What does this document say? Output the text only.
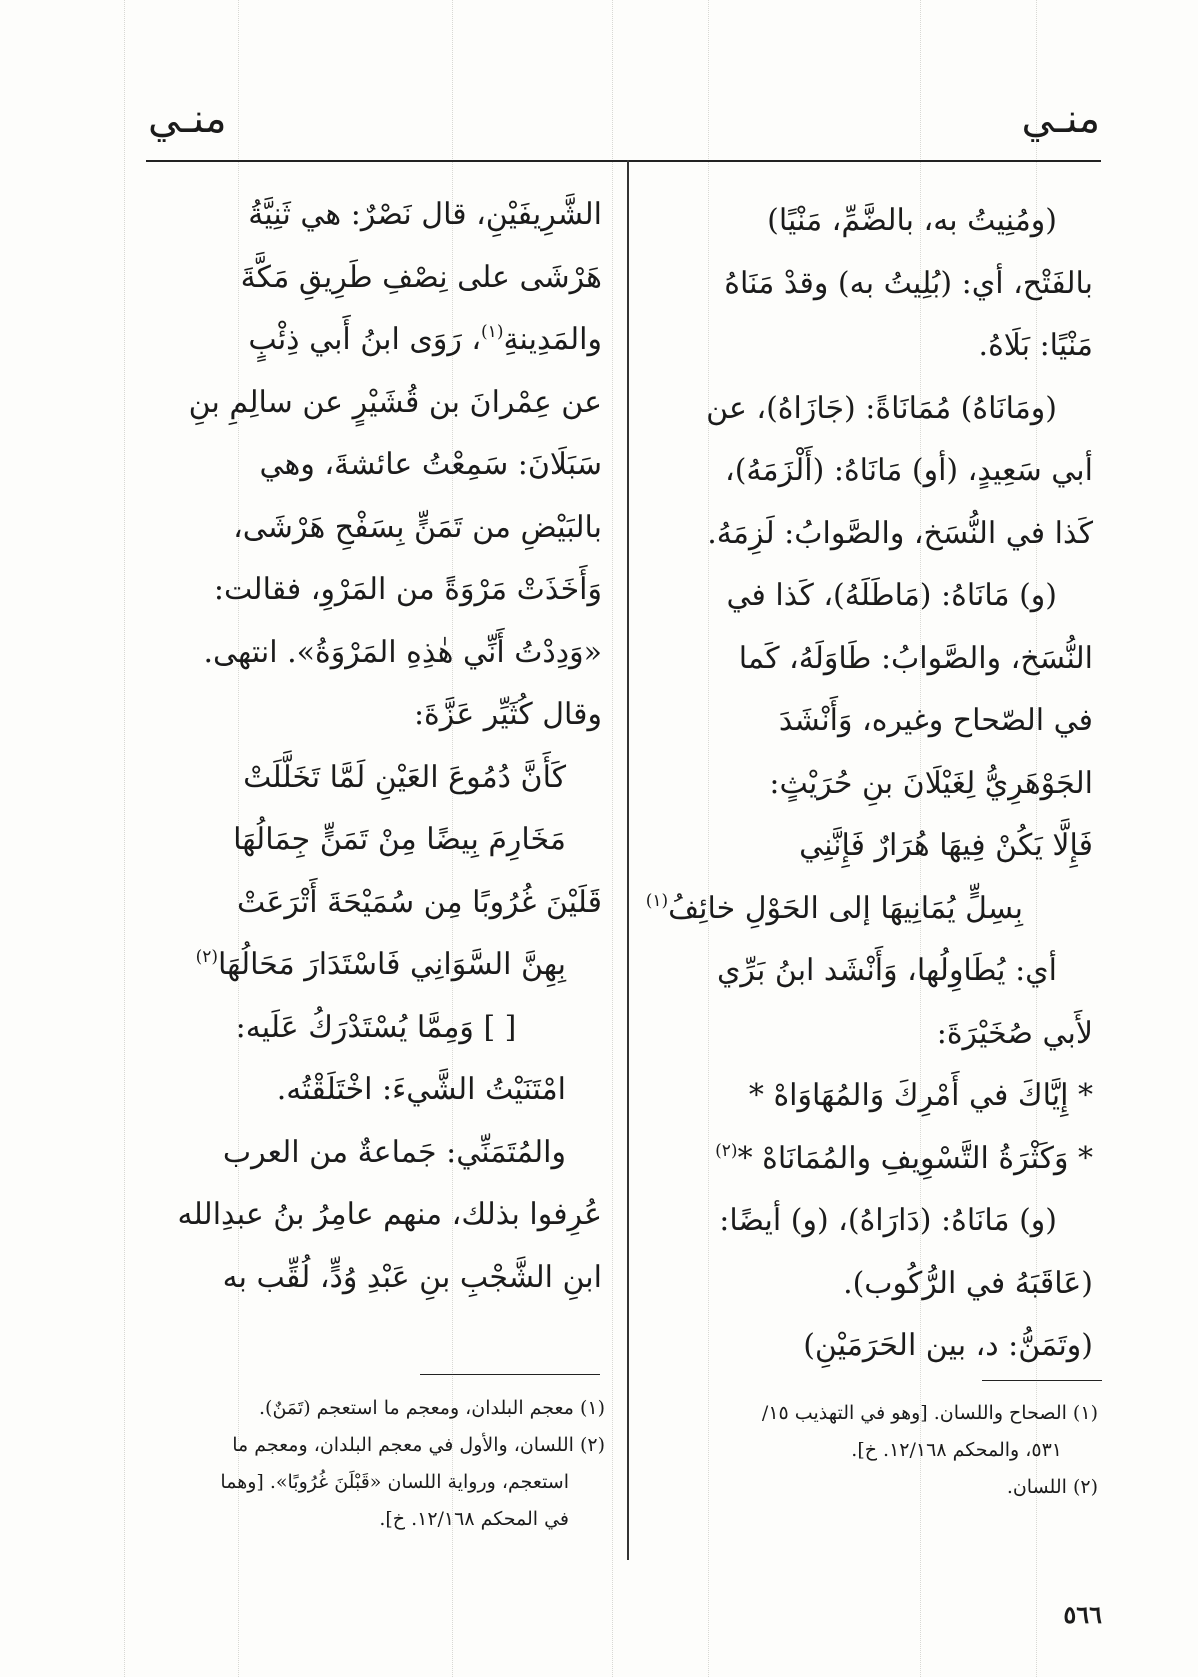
منـي
منـي

(ومُنِيتُ به، بالضَّمِّ، مَنْيًا)

بالفَتْح، أي: (بُلِيتُ به) وقدْ مَنَاهُ

مَنْيًا: بَلَاهُ.

(ومَانَاهُ) مُمَانَاةً: (جَازَاهُ)، عن

أبي سَعِيدٍ، (أو) مَانَاهُ: (أَلْزَمَهُ)،

كَذا في النُّسَخ، والصَّوابُ: لَزِمَهُ.

(و) مَانَاهُ: (مَاطَلَهُ)، كَذا في

النُّسَخ، والصَّوابُ: طَاوَلَهُ، كَما

في الصّحاح وغيره، وَأَنْشَدَ

الجَوْهَرِيُّ لِغَيْلَانَ بنِ حُرَيْثٍ:

فَإِلَّا يَكُنْ فِيهَا هُرَارٌ فَإِنَّنِي

بِسِلٍّ يُمَانِيهَا إلى الحَوْلِ خائِفُ$^{(١)}$

أي: يُطَاوِلُها، وَأَنْشَد ابنُ بَرِّي

لأَبي صُخَيْرَةَ:

* إِيَّاكَ في أَمْرِكَ وَالمُهَاوَاهْ *

* وَكَثْرَةُ التَّسْوِيفِ والمُمَانَاهْ *$^{(٢)}$

(و) مَانَاهُ: (دَارَاهُ)، (و) أيضًا:

(عَاقَبَهُ في الرُّكُوب).

(وتَمَنُّ: د، بين الحَرَمَيْنِ)

الشَّرِيفَيْنِ، قال نَصْرٌ: هي ثَنِيَّةُ

هَرْشَى على نِصْفِ طَرِيقِ مَكَّةَ

والمَدِينةِ$^{(١)}$، رَوَى ابنُ أَبي ذِئْبٍ

عن عِمْرانَ بن قُشَيْرٍ عن سالِمِ بنِ

سَبَلَانَ: سَمِعْتُ عائشةَ، وهي

بالبَيْضِ من تَمَنٍّ بِسَفْحِ هَرْشَى،

وَأَخَذَتْ مَرْوَةً من المَرْوِ، فقالت:

«وَدِدْتُ أَنِّي هٰذِهِ المَرْوَةُ». انتهى.

وقال كُثَيِّر عَزَّةَ:

كَأَنَّ دُمُوعَ العَيْنِ لَمَّا تَخَلَّلَتْ

مَخَارِمَ بِيضًا مِنْ تَمَنٍّ جِمَالُهَا

قَلَيْنَ غُرُوبًا مِن سُمَيْحَةَ أَتْرَعَتْ

بِهِنَّ السَّوَانِي فَاسْتَدَارَ مَحَالُهَا$^{(٢)}$

[ ] وَمِمَّا يُسْتَدْرَكُ عَلَيه:

امْتَنَيْتُ الشَّيءَ: اخْتَلَقْتُه.

والمُتَمَنِّي: جَماعةٌ من العرب

عُرِفوا بذلك، منهم عامِرُ بنُ عبدِالله

ابنِ الشَّجْبِ بنِ عَبْدِ وُدٍّ، لُقِّب به

(١) الصحاح واللسان. [وهو في التهذيب ١٥/

٥٣١، والمحكم ١٢/١٦٨. خ].

(٢) اللسان.

(١) معجم البلدان، ومعجم ما استعجم (تَمَنٌ).

(٢) اللسان، والأول في معجم البلدان، ومعجم ما

استعجم، ورواية اللسان «قَبْلَنَ غُرُوبًا». [وهما

في المحكم ١٢/١٦٨. خ].

٥٦٦
